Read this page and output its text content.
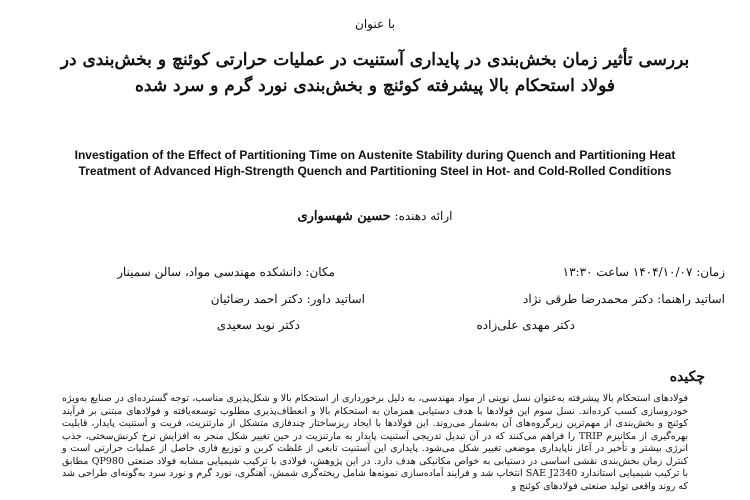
با عنوان
بررسی تأثیر زمان بخش‌بندی در پایداری آستنیت در عملیات حرارتی کوئنچ و بخش‌بندی در
فولاد استحکام بالا پیشرفته کوئنچ و بخش‌بندی نورد گرم و سرد شده
Investigation of the Effect of Partitioning Time on Austenite Stability during Quench and Partitioning Heat
Treatment of Advanced High-Strength Quench and Partitioning Steel in Hot- and Cold-Rolled Conditions
ارائه دهنده: حسین شهسواری
زمان: ۱۴۰۴/۱۰/۰۷ ساعت ۱۳:۳۰
مکان: دانشکده مهندسی مواد، سالن سمینار
اساتید راهنما: دکتر محمدرضا طرقی نژاد
دکتر مهدی علی‌زاده
اساتید داور: دکتر احمد رضائیان
دکتر نوید سعیدی
چکیده
فولادهای استحکام بالا پیشرفته به‌عنوان نسل نوینی از مواد مهندسی، به دلیل برخورداری از استحکام بالا و شکل‌پذیری مناسب، توجه گسترده‌ای در صنایع به‌ویژه خودروسازی کسب کرده‌اند. نسل سوم این فولادها با هدف دستیابی همزمان به استحکام بالا و انعطاف‌پذیری مطلوب توسعه‌یافته و فولادهای مبتنی بر فرآیند کوئنچ و بخش‌بندی از مهم‌ترین زیرگروه‌های آن به‌شمار می‌روند. این فولادها با ایجاد ریزساختار چندفازی متشکل از مارتنزیت، فریت و آستنیت پایدار، قابلیت بهره‌گیری از مکانیزم TRIP را فراهم می‌کنند که در آن تبدیل تدریجی آستنیت پایدار به مارتنزیت در حین تغییر شکل منجر به افزایش نرخ کرنش‌سختی، جذب انرژی بیشتر و تأخیر در آغاز ناپایداری موضعی تغییر شکل می‌شود. پایداری این آستنیت تابعی از غلظت کربن و توزیع فازی حاصل از عملیات حرارتی است و کنترل زمان بخش‌بندی نقشی اساسی در دستیابی به خواص مکانیکی هدف دارد. در این پژوهش، فولادی با ترکیب شیمیایی مشابه فولاد صنعتی QP980 مطابق با ترکیب شیمیایی استاندارد SAE J2340 انتخاب شد و فرایند آماده‌سازی نمونه‌ها شامل ریخته‌گری شمش، آهنگری، نورد گرم و نورد سرد به‌گونه‌ای طراحی شد که روند واقعی تولید صنعتی فولادهای کوئنچ و
